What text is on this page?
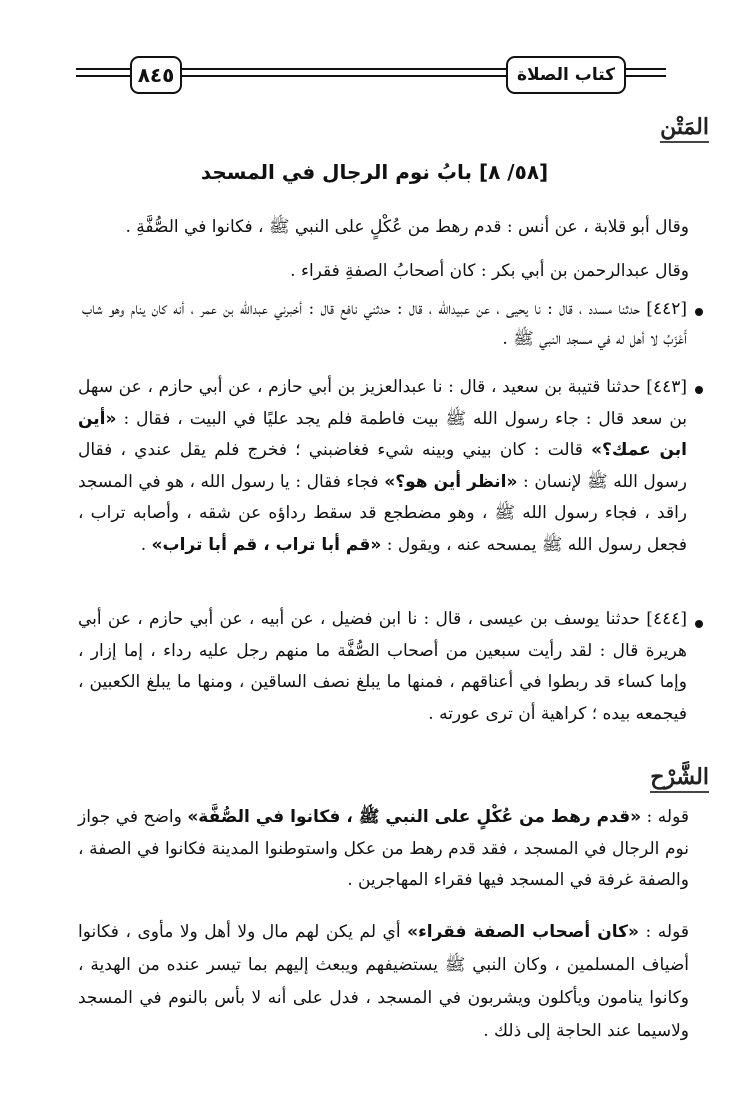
٨٤٥	كتاب الصلاة
المَتْن
[٥٨/ ٨] بابُ نوم الرجال في المسجد

وقال أبو قلابة ، عن أنس : قدم رهط من عُكْلٍ على النبي ﷺ ، فكانوا في الصُّفَّةِ .

وقال عبدالرحمن بن أبي بكر : كان أصحابُ الصفةِ فقراء .

[٤٤٢] حدثنا مسدد ، قال : نا يحيى ، عن عبيدالله ، قال : حدثني نافع قال : أخبرني عبدالله بن عمر ، أنه كان ينام وهو شاب أَعْزَبُ لا أهل له في مسجد النبي ﷺ .

[٤٤٣] حدثنا قتيبة بن سعيد ، قال : نا عبدالعزيز بن أبي حازم ، عن أبي حازم ، عن سهل بن سعد قال : جاء رسول الله ﷺ بيت فاطمة فلم يجد عليًا في البيت ، فقال : «أين ابن عمك؟» قالت : كان بيني وبينه شيء فغاضبني ؛ فخرج فلم يقل عندي ، فقال رسول الله ﷺ لإنسان : «انظر أين هو؟» فجاء فقال : يا رسول الله ، هو في المسجد راقد ، فجاء رسول الله ﷺ ، وهو مضطجع قد سقط رداؤه عن شقه ، وأصابه تراب ، فجعل رسول الله ﷺ يمسحه عنه ، ويقول : «قم أبا تراب ، قم أبا تراب» .

[٤٤٤] حدثنا يوسف بن عيسى ، قال : نا ابن فضيل ، عن أبيه ، عن أبي حازم ، عن أبي هريرة قال : لقد رأيت سبعين من أصحاب الصُّفَّة ما منهم رجل عليه رداء ، إما إزار ، وإما كساء قد ربطوا في أعناقهم ، فمنها ما يبلغ نصف الساقين ، ومنها ما يبلغ الكعبين ، فيجمعه بيده ؛ كراهية أن ترى عورته .

الشَّرْح

قوله : «قدم رهط من عُكْلٍ على النبي ﷺ ، فكانوا في الصُّفَّة» واضح في جواز نوم الرجال في المسجد ، فقد قدم رهط من عكل واستوطنوا المدينة فكانوا في الصفة ، والصفة غرفة في المسجد فيها فقراء المهاجرين .

قوله : «كان أصحاب الصفة فقراء» أي لم يكن لهم مال ولا أهل ولا مأوى ، فكانوا أضياف المسلمين ، وكان النبي ﷺ يستضيفهم ويبعث إليهم بما تيسر عنده من الهدية ، وكانوا ينامون ويأكلون ويشربون في المسجد ، فدل على أنه لا بأس بالنوم في المسجد ولاسيما عند الحاجة إلى ذلك .
